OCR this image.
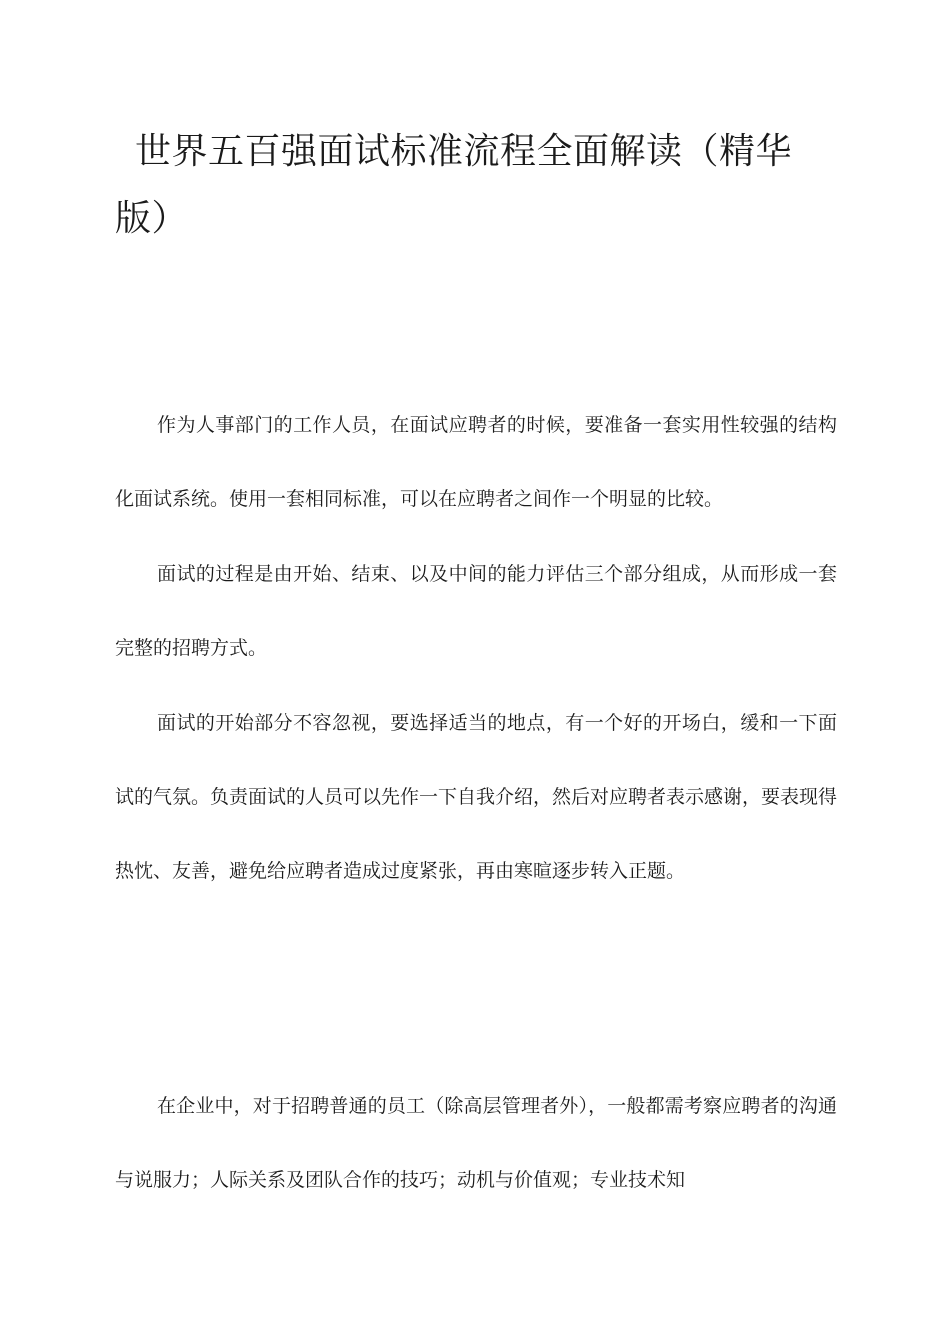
世界五百强面试标准流程全面解读（精华版）

作为人事部门的工作人员，在面试应聘者的时候，要准备一套实用性较强的结构化面试系统。使用一套相同标准，可以在应聘者之间作一个明显的比较。

面试的过程是由开始、结束、以及中间的能力评估三个部分组成，从而形成一套完整的招聘方式。

面试的开始部分不容忽视，要选择适当的地点，有一个好的开场白，缓和一下面试的气氛。负责面试的人员可以先作一下自我介绍，然后对应聘者表示感谢，要表现得热忱、友善，避免给应聘者造成过度紧张，再由寒暄逐步转入正题。

在企业中，对于招聘普通的员工（除高层管理者外），一般都需考察应聘者的沟通与说服力；人际关系及团队合作的技巧；动机与价值观；专业技术知
